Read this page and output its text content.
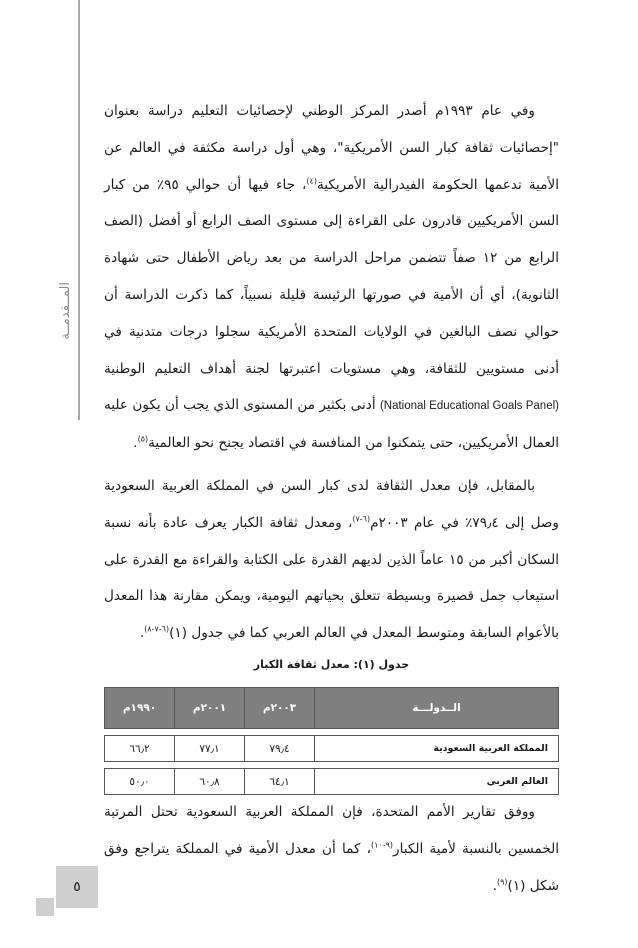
المــقدمــة

وفي عام ١٩٩٣م أصدر المركز الوطني لإحصائيات التعليم دراسة بعنوان "إحصائيات ثقافة كبار السن الأمريكية"، وهي أول دراسة مكثفة في العالم عن الأمية تدعمها الحكومة الفيدرالية الأمريكية$^{(٤)}$، جاء فيها أن حوالي ٩٥٪ من كبار السن الأمريكيين قادرون على القراءة إلى مستوى الصف الرابع أو أفضل (الصف الرابع من ١٢ صفاً تتضمن مراحل الدراسة من بعد رياض الأطفال حتى شهادة الثانوية)، أي أن الأمية في صورتها الرئيسة قليلة نسبياً، كما ذكرت الدراسة أن حوالي نصف البالغين في الولايات المتحدة الأمريكية سجلوا درجات متدنية في أدنى مستويين للثقافة، وهي مستويات اعتبرتها لجنة أهداف التعليم الوطنية (National Educational Goals Panel) أدنى بكثير من المستوى الذي يجب أن يكون عليه العمال الأمريكيين، حتى يتمكنوا من المنافسة في اقتصاد يجنح نحو العالمية$^{(٥)}$.

بالمقابل، فإن معدل الثقافة لدى كبار السن في المملكة العربية السعودية وصل إلى ٧٩٫٤٪ في عام ٢٠٠٣م$^{(٦-٧)}$، ومعدل ثقافة الكبار يعرف عادة بأنه نسبة السكان أكبر من ١٥ عاماً الذين لديهم القدرة على الكتابة والقراءة مع القدرة على استيعاب جمل قصيرة وبسيطة تتعلق بحياتهم اليومية، ويمكن مقارنة هذا المعدل بالأعوام السابقة ومتوسط المعدل في العالم العربي كما في جدول (١)$^{(٦-٧-٨)}$.

جدول (١): معدل ثقافة الكبار
الــدولـــة	٢٠٠٣م	٢٠٠١م	١٩٩٠م

المملكة العربية السعودية	٧٩٫٤	٧٧٫١	٦٦٫٢

العالم العربي	٦٤٫١	٦٠٫٨	٥٠٫٠

ووفق تقارير الأمم المتحدة، فإن المملكة العربية السعودية تحتل المرتبة الخمسين بالنسبة لأمية الكبار$^{(٩-١٠)}$، كما أن معدل الأمية في المملكة يتراجع وفق شكل (١)$^{(٩)}$.

٥
